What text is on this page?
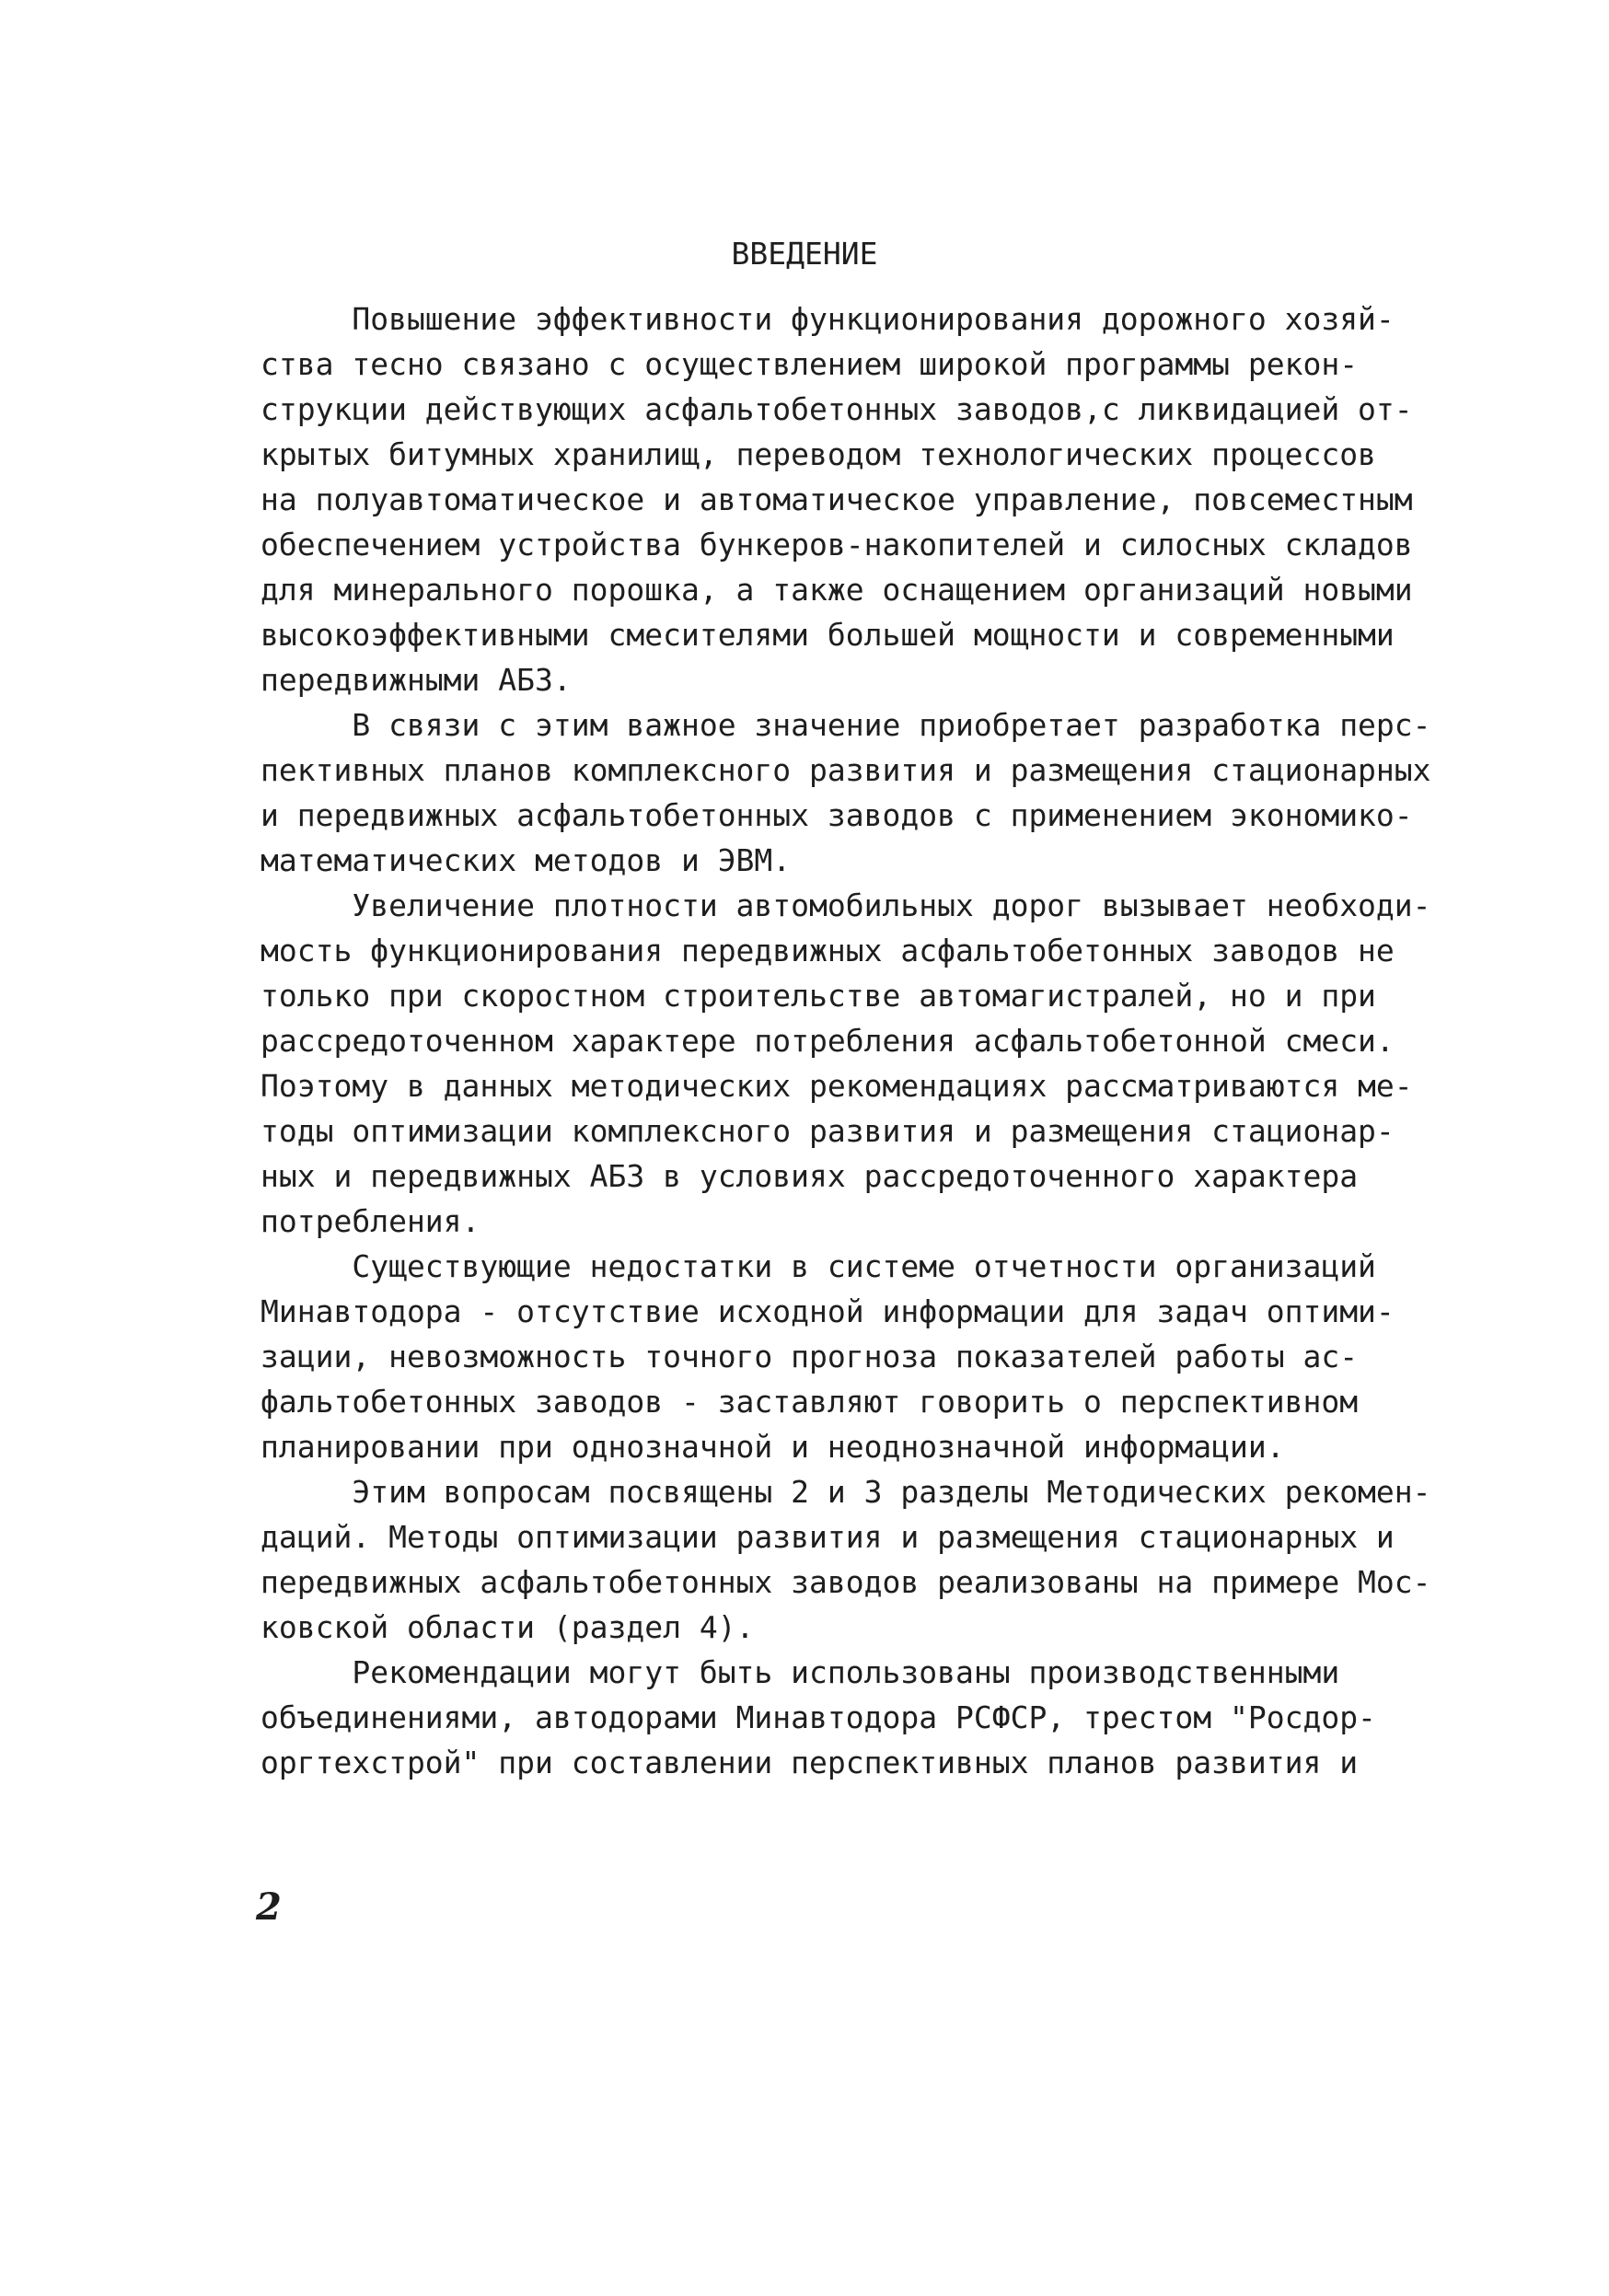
ВВЕДЕНИЕ
Повышение эффективности функционирования дорожного хозяй-
ства тесно связано с осуществлением широкой программы рекон-
струкции действующих асфальтобетонных заводов,с ликвидацией от-
крытых битумных хранилищ, переводом технологических процессов
на полуавтоматическое и автоматическое управление, повсеместным
обеспечением устройства бункеров-накопителей и силосных складов
для минерального порошка, а также оснащением организаций новыми
высокоэффективными смесителями большей мощности и современными
передвижными АБЗ.
В связи с этим важное значение приобретает разработка перс-
пективных планов комплексного развития и размещения стационарных
и передвижных асфальтобетонных заводов с применением экономико-
математических методов и ЭВМ.
Увеличение плотности автомобильных дорог вызывает необходи-
мость функционирования передвижных асфальтобетонных заводов не
только при скоростном строительстве автомагистралей, но и при
рассредоточенном характере потребления асфальтобетонной смеси.
Поэтому в данных методических рекомендациях рассматриваются ме-
тоды оптимизации комплексного развития и размещения стационар-
ных и передвижных АБЗ в условиях рассредоточенного характера
потребления.
Существующие недостатки в системе отчетности организаций
Минавтодора - отсутствие исходной информации для задач оптими-
зации, невозможность точного прогноза показателей работы ас-
фальтобетонных заводов - заставляют говорить о перспективном
планировании при однозначной и неоднозначной информации.
Этим вопросам посвящены 2 и 3 разделы Методических рекомен-
даций. Методы оптимизации развития и размещения стационарных и
передвижных асфальтобетонных заводов реализованы на примере Мос-
ковской области (раздел 4).
Рекомендации могут быть использованы производственными
объединениями, автодорами Минавтодора РСФСР, трестом "Росдор-
оргтехстрой" при составлении перспективных планов развития и
2
